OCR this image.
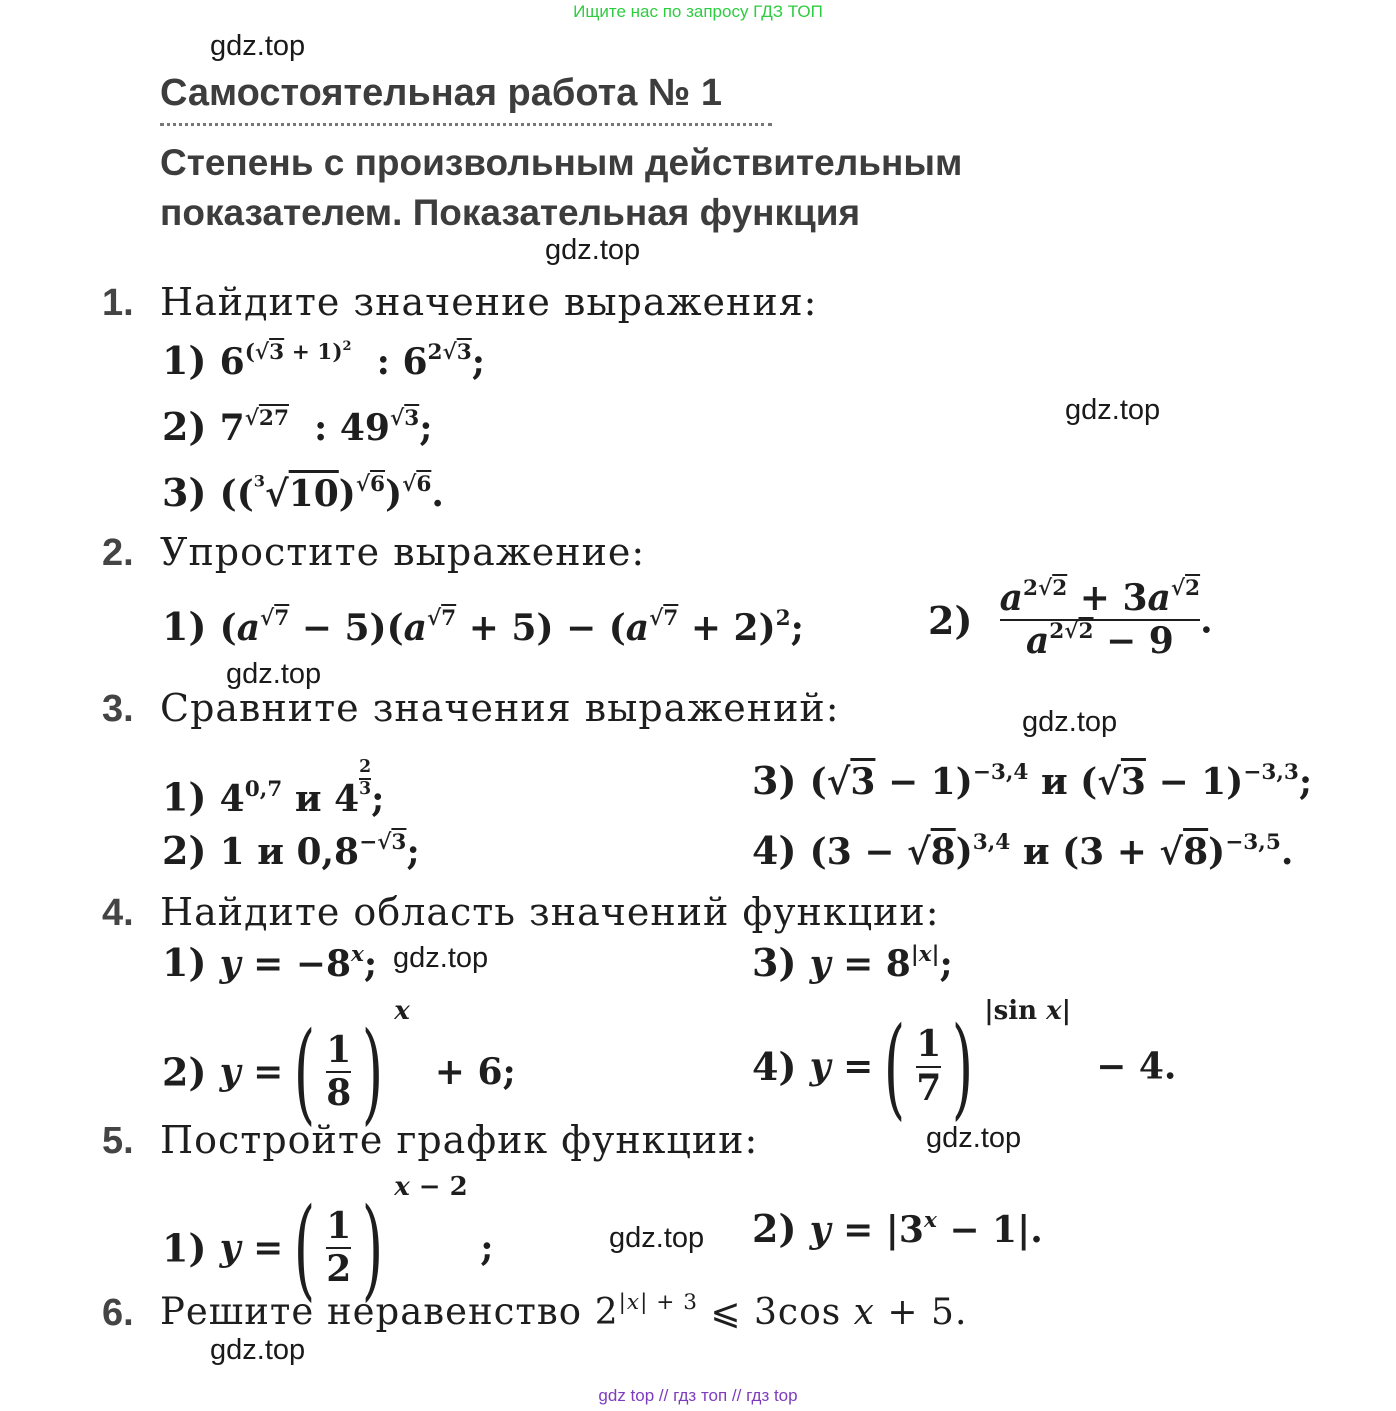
Ищите нас по запросу ГДЗ ТОП
gdz top // гдз топ // гдз top
gdz.top
gdz.top
gdz.top
gdz.top
gdz.top
gdz.top
gdz.top
gdz.top
gdz.top
Самостоятельная работа № 1
Степень с произвольным действительным
показателем. Показательная функция
1. Найдите значение выражения:
1) $6^{(√3 + 1)^2}$  : $6^{2√3}$;
2) $7^{√27}$  : $49^{√3}$;
3) $((^3√10)^{√6})^{√6}$.
2. Упростите выражение:
1) $(a^{√7} - 5)(a^{√7} + 5) - (a^{√7} + 2)^2$;	$2) \frac{a^{2√2} + 3a^{√2}}{a^{2√2} - 9}$ .
3. Сравните значения выражений:
1) 4$^{0,7}$ и 4 $^{\frac{2}{3}}$ ;
2) 1 и $0,8^{-√3}$;
3) $(√3 - 1)^{-3,4}$ и $(√3 - 1)^{-3,3}$;
4) $(3 - √8)^{3,4}$ и $(3 + √8)^{-3,5}$.
4. Найдите область значений функции:
1) $y = -8^x$;
2) y =( $\frac{1}{8}$ ) $^x$  + 6;
3) $y = 8^{|x|}$;
4) y =( $\frac{1}{7}$ ) $^{|sin x|}$  − 4.
5. Постройте график функции:
1) y =( $\frac{1}{2}$ ) $^{x - 2}$ ;	2) $y = |3^x - 1|$.
6. Решите неравенство $2^{|x| + 3}$ ⩽ 3cos x + 5.
